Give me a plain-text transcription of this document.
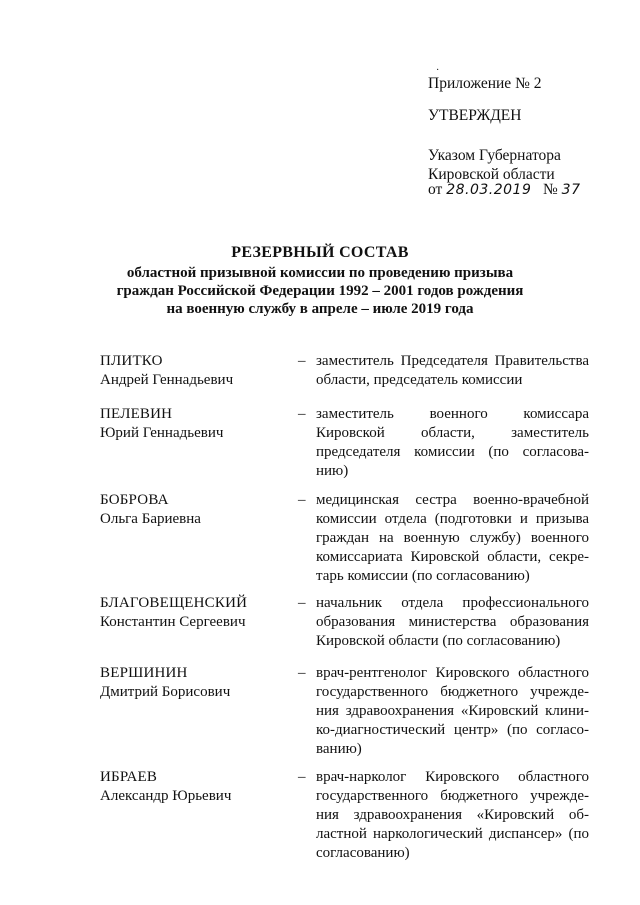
·
Приложение № 2
УТВЕРЖДЕН
Указом Губернатора
Кировской области
от 28.03.2019 № 37
РЕЗЕРВНЫЙ СОСТАВ
областной призывной комиссии по проведению призыва
граждан Российской Федерации 1992 – 2001 годов рождения
на военную службу в апреле – июле 2019 года
ПЛИТКО
Андрей Геннадьевич
– заместитель Председателя Правительства
области, председатель комиссии
ПЕЛЕВИН
Юрий Геннадьевич
– заместитель военного комиссара
Кировской области, заместитель
председателя комиссии (по согласова-
нию)
БОБРОВА
Ольга Бариевна
– медицинская сестра военно-врачебной
комиссии отдела (подготовки и призыва
граждан на военную службу) военного
комиссариата Кировской области, секре-
тарь комиссии (по согласованию)
БЛАГОВЕЩЕНСКИЙ
Константин Сергеевич
– начальник отдела профессионального
образования министерства образования
Кировской области (по согласованию)
ВЕРШИНИН
Дмитрий Борисович
– врач-рентгенолог Кировского областного
государственного бюджетного учрежде-
ния здравоохранения «Кировский клини-
ко-диагностический центр» (по согласо-
ванию)
ИБРАЕВ
Александр Юрьевич
– врач-нарколог Кировского областного
государственного бюджетного учрежде-
ния здравоохранения «Кировский об-
ластной наркологический диспансер» (по
согласованию)
